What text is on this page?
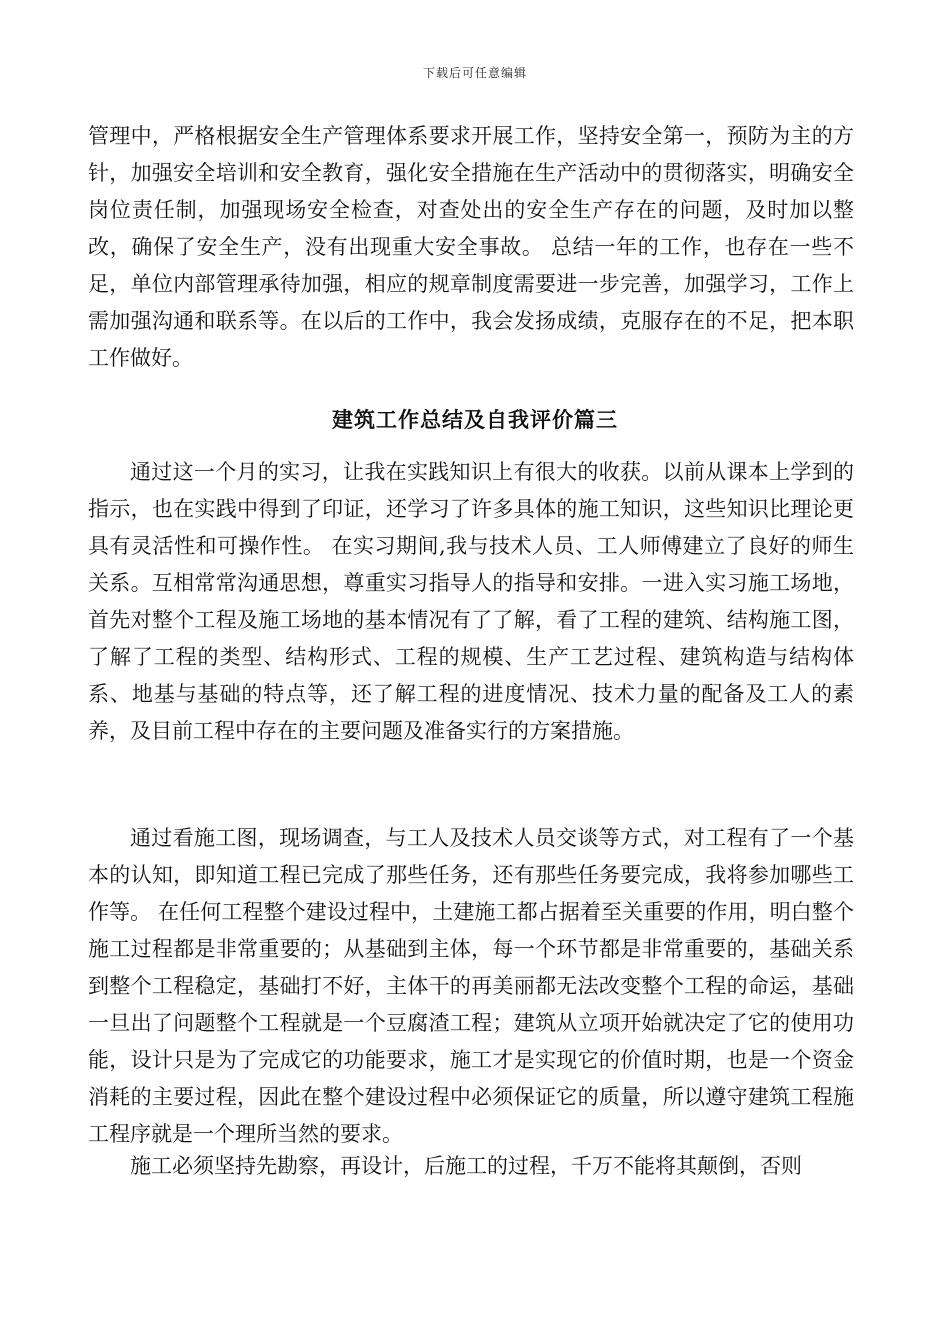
下载后可任意编辑
管理中，严格根据安全生产管理体系要求开展工作，坚持安全第一，预防为主的方针，加强安全培训和安全教育，强化安全措施在生产活动中的贯彻落实，明确安全岗位责任制，加强现场安全检查，对查处出的安全生产存在的问题，及时加以整改，确保了安全生产，没有出现重大安全事故。 总结一年的工作，也存在一些不足，单位内部管理承待加强，相应的规章制度需要进一步完善，加强学习，工作上需加强沟通和联系等。在以后的工作中，我会发扬成绩，克服存在的不足，把本职工作做好。
建筑工作总结及自我评价篇三
通过这一个月的实习，让我在实践知识上有很大的收获。以前从课本上学到的指示，也在实践中得到了印证，还学习了许多具体的施工知识，这些知识比理论更具有灵活性和可操作性。 在实习期间,我与技术人员、工人师傅建立了良好的师生关系。互相常常沟通思想，尊重实习指导人的指导和安排。一进入实习施工场地，首先对整个工程及施工场地的基本情况有了了解，看了工程的建筑、结构施工图，了解了工程的类型、结构形式、工程的规模、生产工艺过程、建筑构造与结构体系、地基与基础的特点等，还了解工程的进度情况、技术力量的配备及工人的素养，及目前工程中存在的主要问题及准备实行的方案措施。
通过看施工图，现场调查，与工人及技术人员交谈等方式，对工程有了一个基本的认知，即知道工程已完成了那些任务，还有那些任务要完成，我将参加哪些工作等。 在任何工程整个建设过程中，土建施工都占据着至关重要的作用，明白整个施工过程都是非常重要的；从基础到主体，每一个环节都是非常重要的，基础关系到整个工程稳定，基础打不好，主体干的再美丽都无法改变整个工程的命运，基础一旦出了问题整个工程就是一个豆腐渣工程；建筑从立项开始就决定了它的使用功能，设计只是为了完成它的功能要求，施工才是实现它的价值时期，也是一个资金消耗的主要过程，因此在整个建设过程中必须保证它的质量，所以遵守建筑工程施工程序就是一个理所当然的要求。
施工必须坚持先勘察，再设计，后施工的过程，千万不能将其颠倒，否则
